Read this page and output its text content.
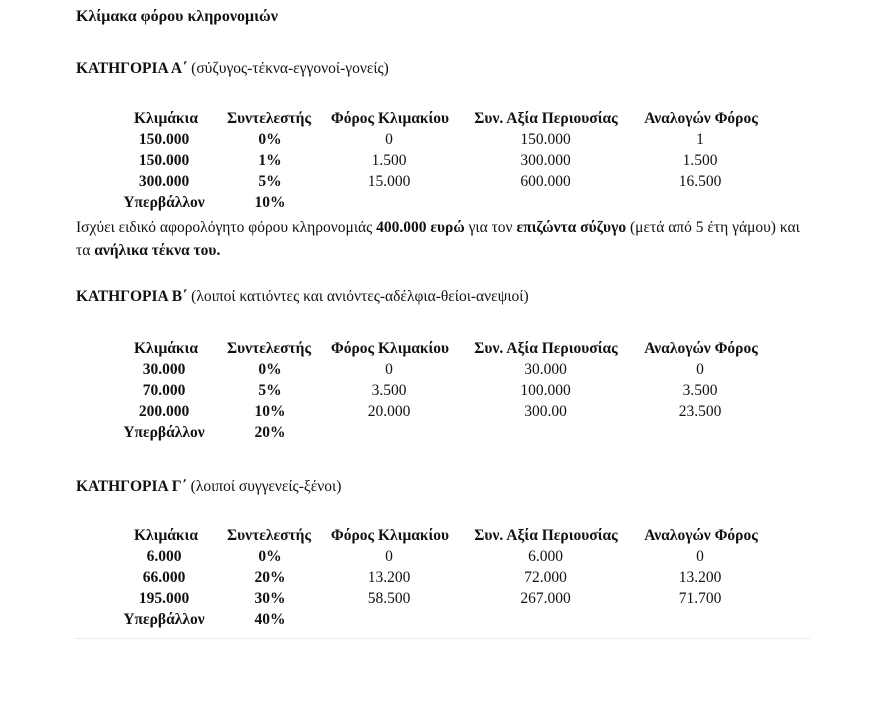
Κλίμακα φόρου κληρονομιών
ΚΑΤΗΓΟΡΙΑ Α΄ (σύζυγος-τέκνα-εγγονοί-γονείς)
Κλιμάκια	Συντελεστής	Φόρος Κλιμακίου	Συν. Αξία Περιουσίας	Αναλογών Φόρος
150.000	0%	0	150.000	1
150.000	1%	1.500	300.000	1.500
300.000	5%	15.000	600.000	16.500
Υπερβάλλον	10%
Ισχύει ειδικό αφορολόγητο φόρου κληρονομιάς 400.000 ευρώ για τον επιζώντα σύζυγο (μετά από 5 έτη γάμου) και τα ανήλικα τέκνα του.
ΚΑΤΗΓΟΡΙΑ Β΄ (λοιποί κατιόντες και ανιόντες-αδέλφια-θείοι-ανεψιοί)
Κλιμάκια	Συντελεστής	Φόρος Κλιμακίου	Συν. Αξία Περιουσίας	Αναλογών Φόρος
30.000	0%	0	30.000	0
70.000	5%	3.500	100.000	3.500
200.000	10%	20.000	300.00	23.500
Υπερβάλλον	20%
ΚΑΤΗΓΟΡΙΑ Γ΄ (λοιποί συγγενείς-ξένοι)
Κλιμάκια	Συντελεστής	Φόρος Κλιμακίου	Συν. Αξία Περιουσίας	Αναλογών Φόρος
6.000	0%	0	6.000	0
66.000	20%	13.200	72.000	13.200
195.000	30%	58.500	267.000	71.700
Υπερβάλλον	40%
